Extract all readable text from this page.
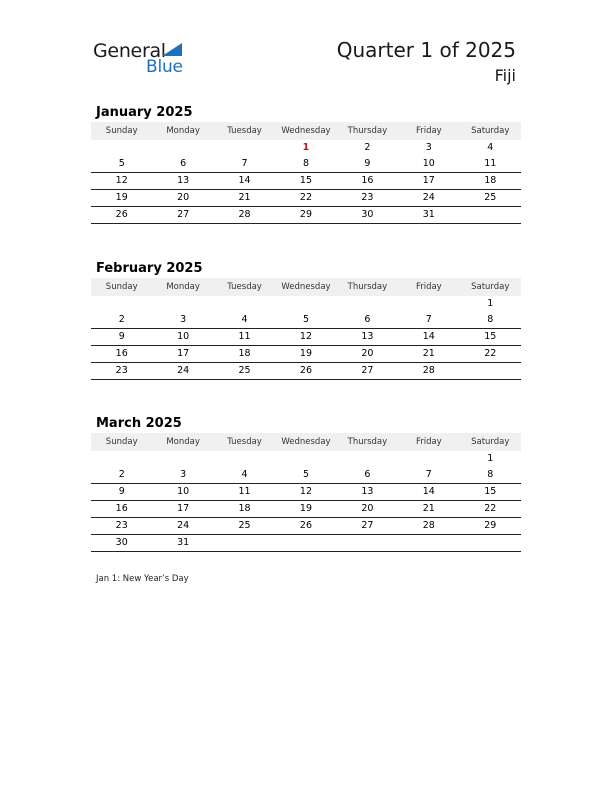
General
Blue
Quarter 1 of 2025
Fiji
January 2025
Sunday	Monday	Tuesday	Wednesday	Thursday	Friday	Saturday
			1	2	3	4
5	6	7	8	9	10	11
12	13	14	15	16	17	18
19	20	21	22	23	24	25
26	27	28	29	30	31	
February 2025
Sunday	Monday	Tuesday	Wednesday	Thursday	Friday	Saturday
						1
2	3	4	5	6	7	8
9	10	11	12	13	14	15
16	17	18	19	20	21	22
23	24	25	26	27	28	
March 2025
Sunday	Monday	Tuesday	Wednesday	Thursday	Friday	Saturday
						1
2	3	4	5	6	7	8
9	10	11	12	13	14	15
16	17	18	19	20	21	22
23	24	25	26	27	28	29
30	31					
Jan 1: New Year’s Day
